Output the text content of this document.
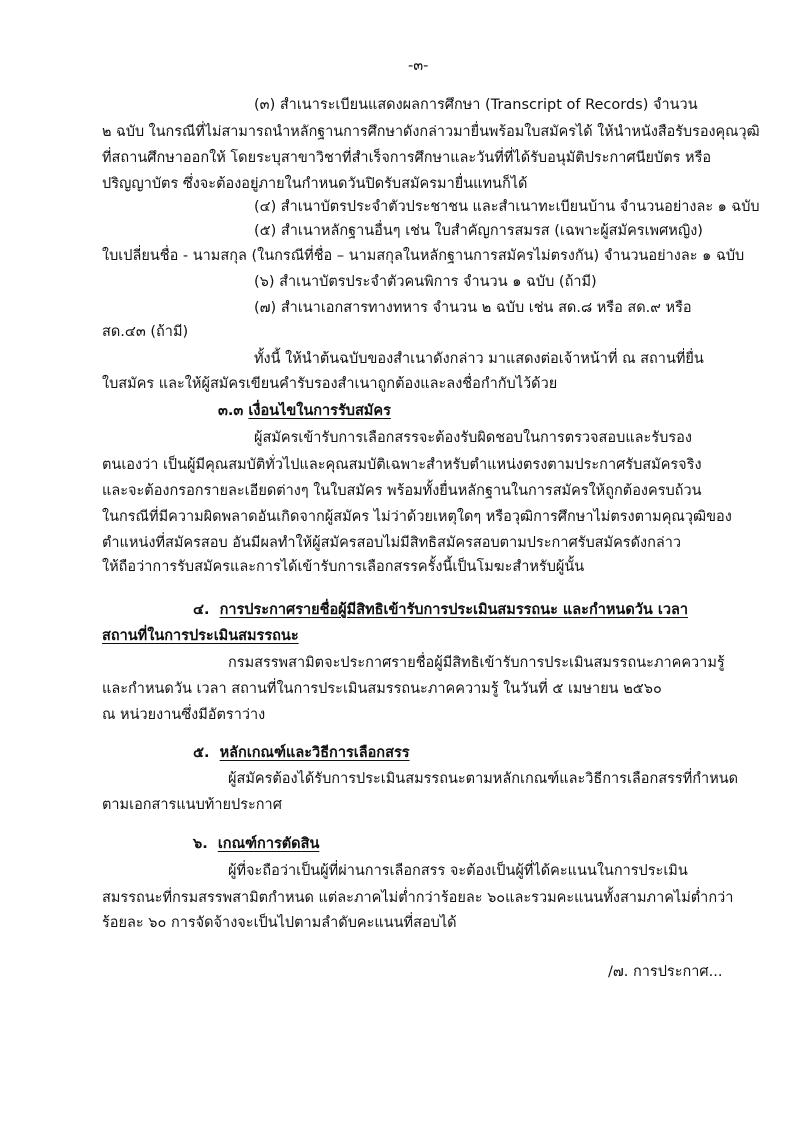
-๓-
(๓) สำเนาระเบียนแสดงผลการศึกษา (Transcript of Records) จำนวน
๒ ฉบับ ในกรณีที่ไม่สามารถนำหลักฐานการศึกษาดังกล่าวมายื่นพร้อมใบสมัครได้ ให้นำหนังสือรับรองคุณวุฒิ
ที่สถานศึกษาออกให้ โดยระบุสาขาวิชาที่สำเร็จการศึกษาและวันที่ที่ได้รับอนุมัติประกาศนียบัตร หรือ
ปริญญาบัตร ซึ่งจะต้องอยู่ภายในกำหนดวันปิดรับสมัครมายื่นแทนก็ได้
(๔) สำเนาบัตรประจำตัวประชาชน และสำเนาทะเบียนบ้าน จำนวนอย่างละ ๑ ฉบับ
(๕) สำเนาหลักฐานอื่นๆ เช่น ใบสำคัญการสมรส (เฉพาะผู้สมัครเพศหญิง)
ใบเปลี่ยนชื่อ - นามสกุล (ในกรณีที่ชื่อ – นามสกุลในหลักฐานการสมัครไม่ตรงกัน) จำนวนอย่างละ ๑ ฉบับ
(๖) สำเนาบัตรประจำตัวคนพิการ จำนวน ๑ ฉบับ (ถ้ามี)
(๗) สำเนาเอกสารทางทหาร จำนวน ๒ ฉบับ เช่น สด.๘ หรือ สด.๙ หรือ
สด.๔๓ (ถ้ามี)
ทั้งนี้ ให้นำต้นฉบับของสำเนาดังกล่าว มาแสดงต่อเจ้าหน้าที่ ณ สถานที่ยื่น
ใบสมัคร และให้ผู้สมัครเขียนคำรับรองสำเนาถูกต้องและลงชื่อกำกับไว้ด้วย
๓.๓ เงื่อนไขในการรับสมัคร
ผู้สมัครเข้ารับการเลือกสรรจะต้องรับผิดชอบในการตรวจสอบและรับรอง
ตนเองว่า เป็นผู้มีคุณสมบัติทั่วไปและคุณสมบัติเฉพาะสำหรับตำแหน่งตรงตามประกาศรับสมัครจริง
และจะต้องกรอกรายละเอียดต่างๆ ในใบสมัคร พร้อมทั้งยื่นหลักฐานในการสมัครให้ถูกต้องครบถ้วน
ในกรณีที่มีความผิดพลาดอันเกิดจากผู้สมัคร ไม่ว่าด้วยเหตุใดๆ หรือวุฒิการศึกษาไม่ตรงตามคุณวุฒิของ
ตำแหน่งที่สมัครสอบ อันมีผลทำให้ผู้สมัครสอบไม่มีสิทธิสมัครสอบตามประกาศรับสมัครดังกล่าว
ให้ถือว่าการรับสมัครและการได้เข้ารับการเลือกสรรครั้งนี้เป็นโมฆะสำหรับผู้นั้น
๔. การประกาศรายชื่อผู้มีสิทธิเข้ารับการประเมินสมรรถนะ และกำหนดวัน เวลา
สถานที่ในการประเมินสมรรถนะ
กรมสรรพสามิตจะประกาศรายชื่อผู้มีสิทธิเข้ารับการประเมินสมรรถนะภาคความรู้
และกำหนดวัน เวลา สถานที่ในการประเมินสมรรถนะภาคความรู้ ในวันที่ ๕ เมษายน ๒๕๖๐
ณ หน่วยงานซึ่งมีอัตราว่าง
๕. หลักเกณฑ์และวิธีการเลือกสรร
ผู้สมัครต้องได้รับการประเมินสมรรถนะตามหลักเกณฑ์และวิธีการเลือกสรรที่กำหนด
ตามเอกสารแนบท้ายประกาศ
๖. เกณฑ์การตัดสิน
ผู้ที่จะถือว่าเป็นผู้ที่ผ่านการเลือกสรร จะต้องเป็นผู้ที่ได้คะแนนในการประเมิน
สมรรถนะที่กรมสรรพสามิตกำหนด แต่ละภาคไม่ต่ำกว่าร้อยละ ๖๐และรวมคะแนนทั้งสามภาคไม่ต่ำกว่า
ร้อยละ ๖๐ การจัดจ้างจะเป็นไปตามลำดับคะแนนที่สอบได้
/๗. การประกาศ...
